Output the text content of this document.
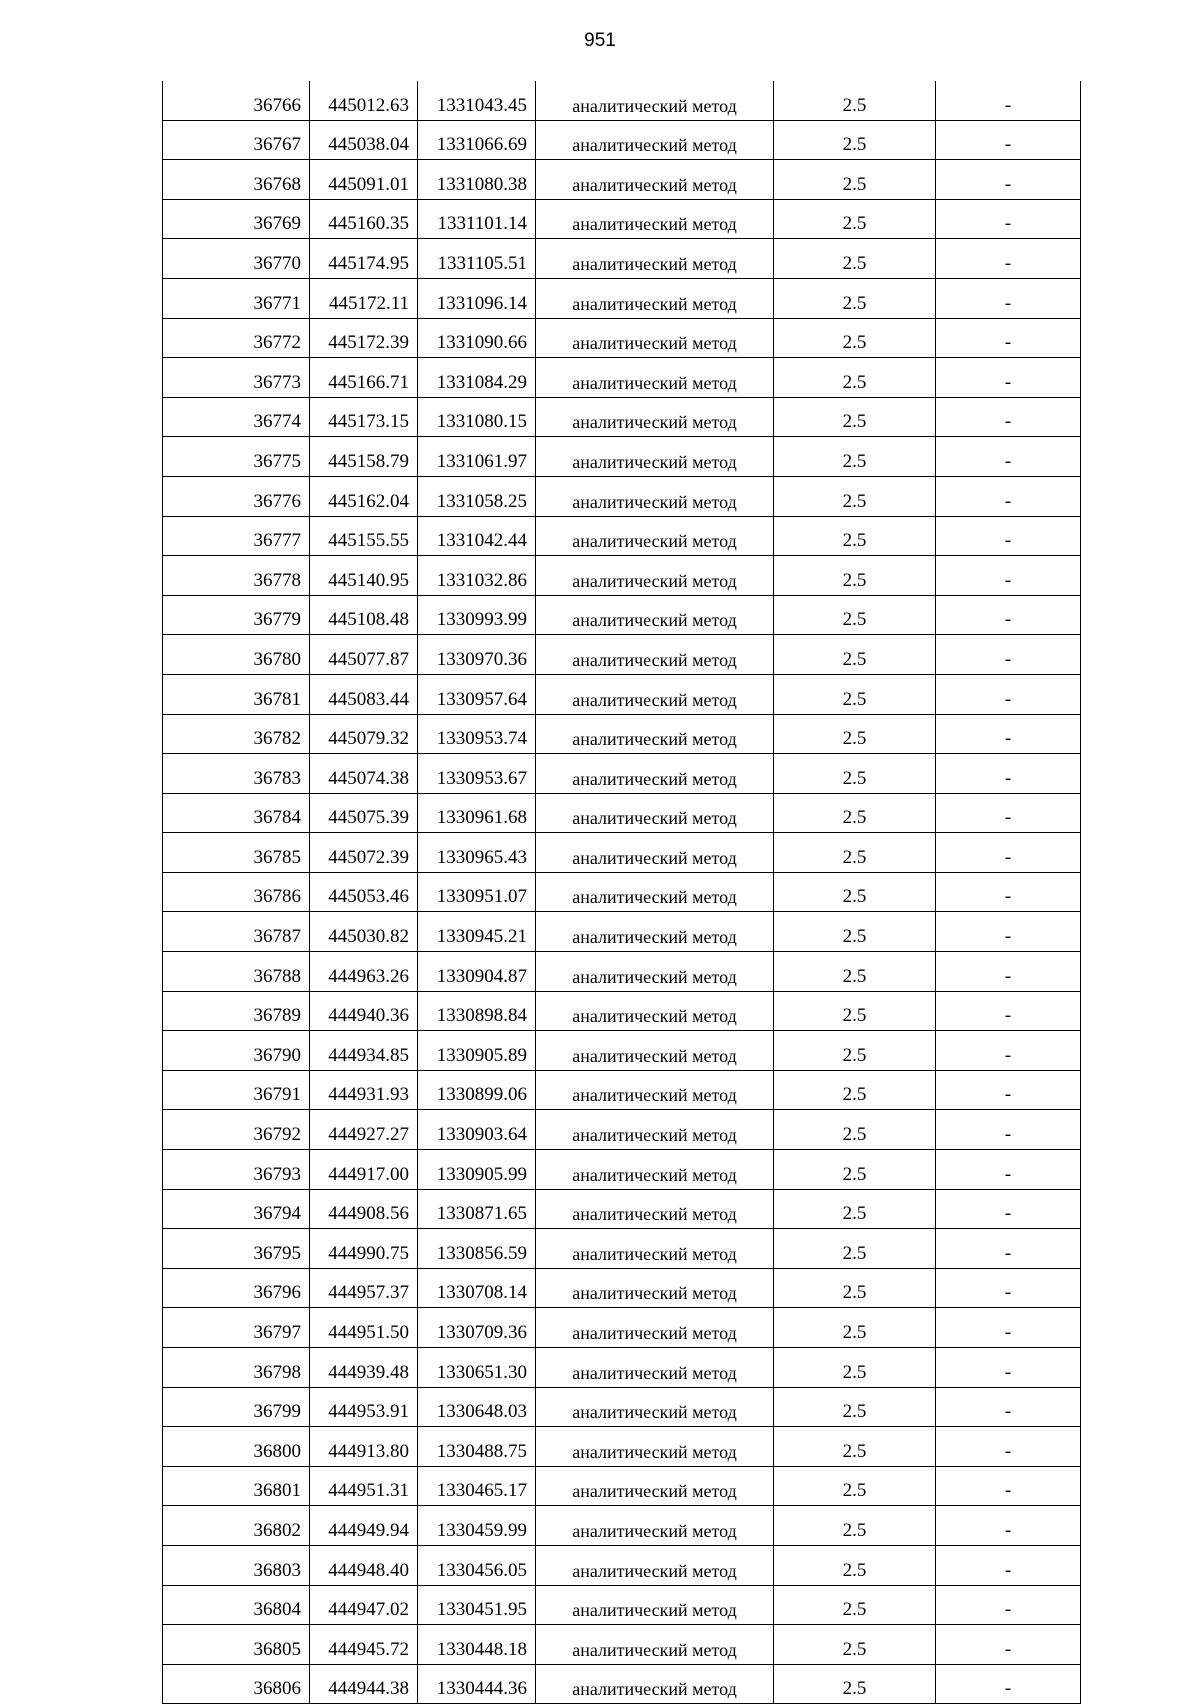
951
36766	445012.63	1331043.45	аналитический метод	2.5	-
36767	445038.04	1331066.69	аналитический метод	2.5	-
36768	445091.01	1331080.38	аналитический метод	2.5	-
36769	445160.35	1331101.14	аналитический метод	2.5	-
36770	445174.95	1331105.51	аналитический метод	2.5	-
36771	445172.11	1331096.14	аналитический метод	2.5	-
36772	445172.39	1331090.66	аналитический метод	2.5	-
36773	445166.71	1331084.29	аналитический метод	2.5	-
36774	445173.15	1331080.15	аналитический метод	2.5	-
36775	445158.79	1331061.97	аналитический метод	2.5	-
36776	445162.04	1331058.25	аналитический метод	2.5	-
36777	445155.55	1331042.44	аналитический метод	2.5	-
36778	445140.95	1331032.86	аналитический метод	2.5	-
36779	445108.48	1330993.99	аналитический метод	2.5	-
36780	445077.87	1330970.36	аналитический метод	2.5	-
36781	445083.44	1330957.64	аналитический метод	2.5	-
36782	445079.32	1330953.74	аналитический метод	2.5	-
36783	445074.38	1330953.67	аналитический метод	2.5	-
36784	445075.39	1330961.68	аналитический метод	2.5	-
36785	445072.39	1330965.43	аналитический метод	2.5	-
36786	445053.46	1330951.07	аналитический метод	2.5	-
36787	445030.82	1330945.21	аналитический метод	2.5	-
36788	444963.26	1330904.87	аналитический метод	2.5	-
36789	444940.36	1330898.84	аналитический метод	2.5	-
36790	444934.85	1330905.89	аналитический метод	2.5	-
36791	444931.93	1330899.06	аналитический метод	2.5	-
36792	444927.27	1330903.64	аналитический метод	2.5	-
36793	444917.00	1330905.99	аналитический метод	2.5	-
36794	444908.56	1330871.65	аналитический метод	2.5	-
36795	444990.75	1330856.59	аналитический метод	2.5	-
36796	444957.37	1330708.14	аналитический метод	2.5	-
36797	444951.50	1330709.36	аналитический метод	2.5	-
36798	444939.48	1330651.30	аналитический метод	2.5	-
36799	444953.91	1330648.03	аналитический метод	2.5	-
36800	444913.80	1330488.75	аналитический метод	2.5	-
36801	444951.31	1330465.17	аналитический метод	2.5	-
36802	444949.94	1330459.99	аналитический метод	2.5	-
36803	444948.40	1330456.05	аналитический метод	2.5	-
36804	444947.02	1330451.95	аналитический метод	2.5	-
36805	444945.72	1330448.18	аналитический метод	2.5	-
36806	444944.38	1330444.36	аналитический метод	2.5	-
